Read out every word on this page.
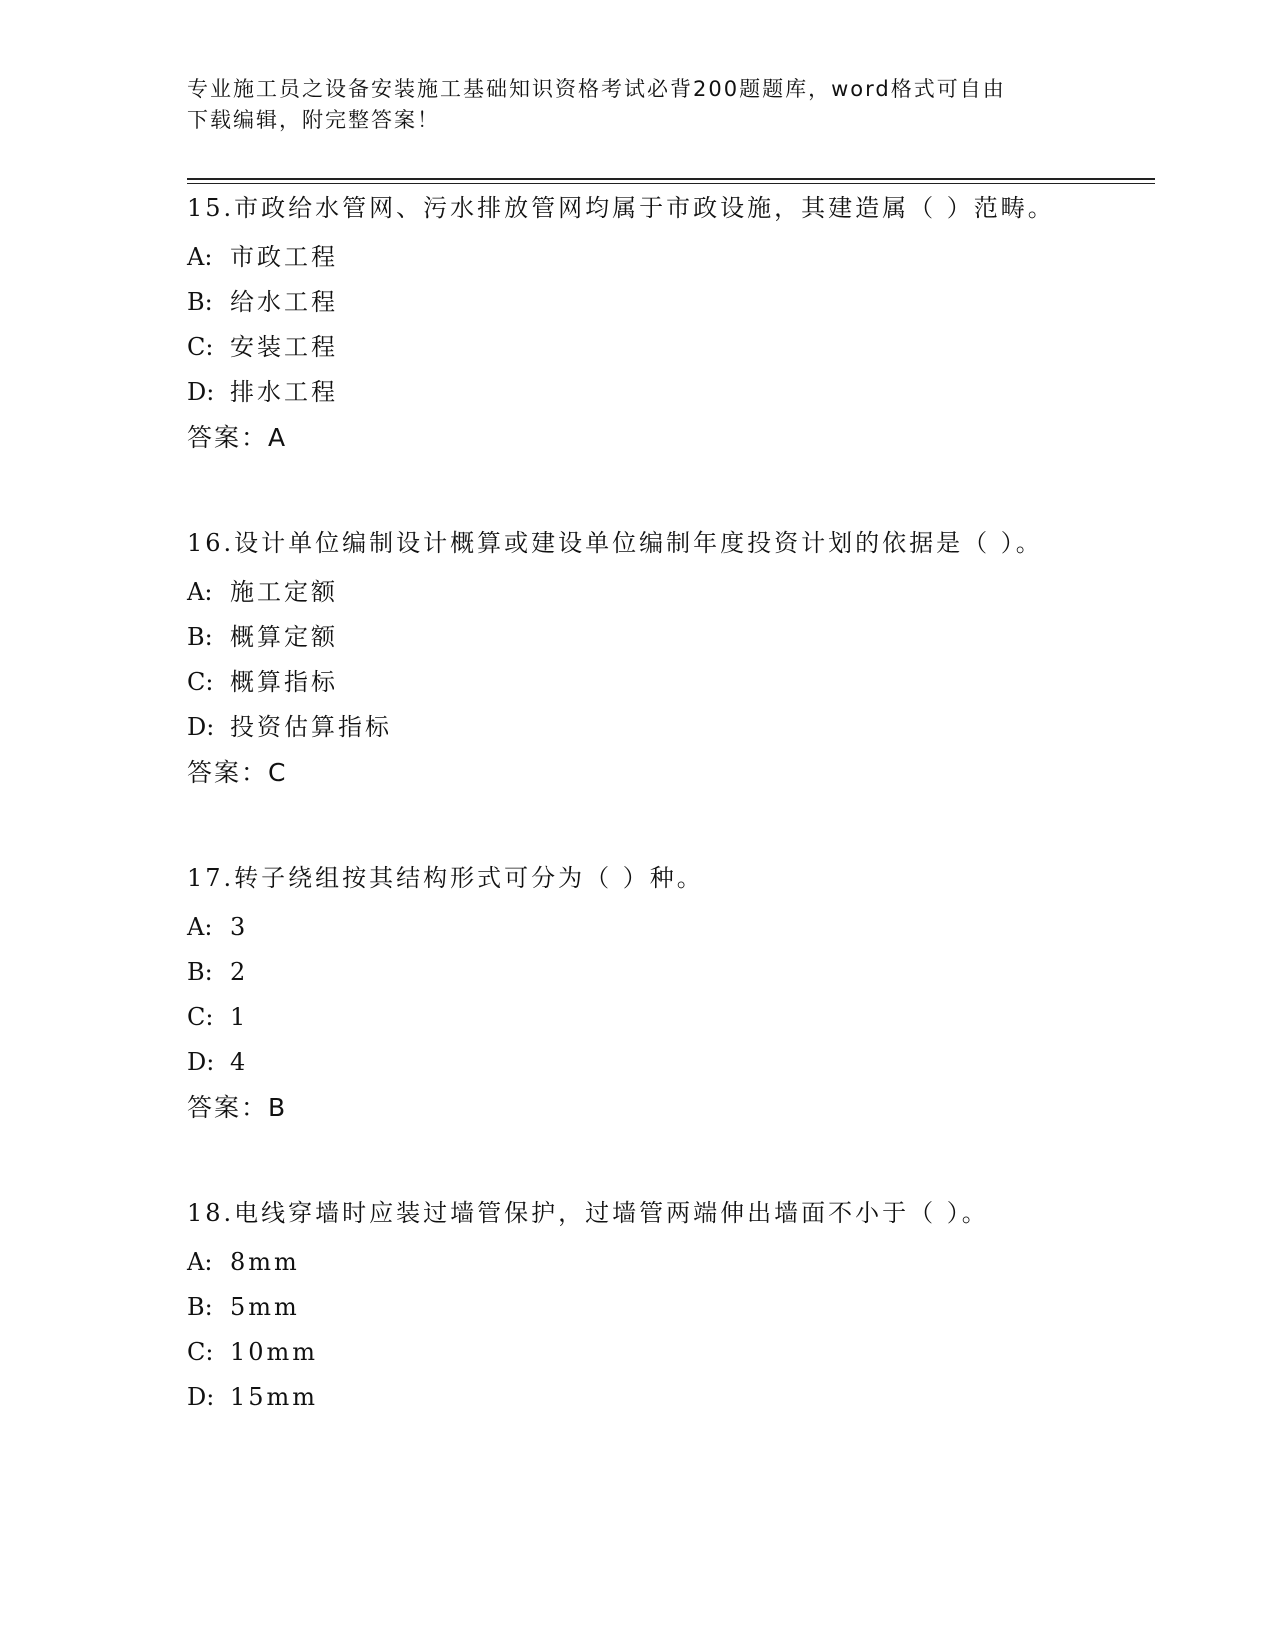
专业施工员之设备安装施工基础知识资格考试必背200题题库，word格式可自由
下载编辑，附完整答案！
15.市政给水管网、污水排放管网均属于市政设施，其建造属（ ）范畴。
A: 市政工程
B: 给水工程
C: 安装工程
D: 排水工程
答案：A
16.设计单位编制设计概算或建设单位编制年度投资计划的依据是（ ）。
A: 施工定额
B: 概算定额
C: 概算指标
D: 投资估算指标
答案：C
17.转子绕组按其结构形式可分为（ ）种。
A: 3
B: 2
C: 1
D: 4
答案：B
18.电线穿墙时应装过墙管保护，过墙管两端伸出墙面不小于（ ）。
A: 8mm
B: 5mm
C: 10mm
D: 15mm
